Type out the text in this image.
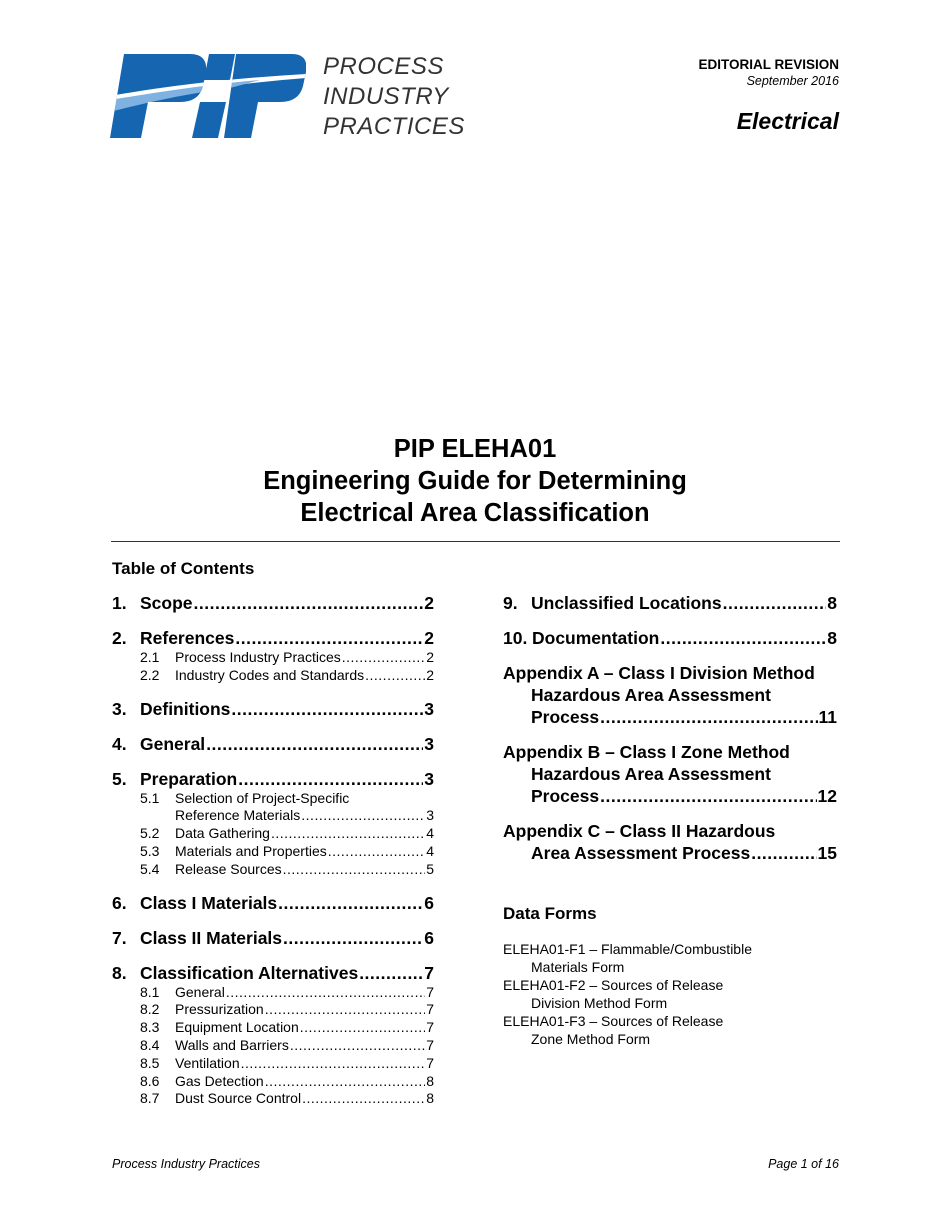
PROCESS
INDUSTRY
PRACTICES
EDITORIAL REVISION
September 2016
Electrical
PIP ELEHA01
Engineering Guide for Determining
Electrical Area Classification
Table of Contents
1. Scope .....	2
2. References .....	2
2.1	Process Industry Practices .....	2
2.2	Industry Codes and Standards .....	2
3. Definitions .....	3
4. General .....	3
5. Preparation .....	3
5.1	Selection of Project-Specific
Reference Materials .....	3
5.2	Data Gathering .....	4
5.3	Materials and Properties .....	4
5.4	Release Sources .....	5
6. Class I Materials .....	6
7. Class II Materials .....	6
8. Classification Alternatives .....	7
8.1	General .....	7
8.2	Pressurization .....	7
8.3	Equipment Location .....	7
8.4	Walls and Barriers .....	7
8.5	Ventilation .....	7
8.6	Gas Detection .....	8
8.7	Dust Source Control .....	8
9. Unclassified Locations .....	8
10. Documentation .....	8
Appendix A – Class I Division Method
Hazardous Area Assessment
Process .....	11
Appendix B – Class I Zone Method
Hazardous Area Assessment
Process .....	12
Appendix C – Class II Hazardous
Area Assessment Process .....	15
Data Forms
ELEHA01-F1 – Flammable/Combustible
Materials Form
ELEHA01-F2 – Sources of Release
Division Method Form
ELEHA01-F3 – Sources of Release
Zone Method Form
Process Industry Practices	Page 1 of 16
